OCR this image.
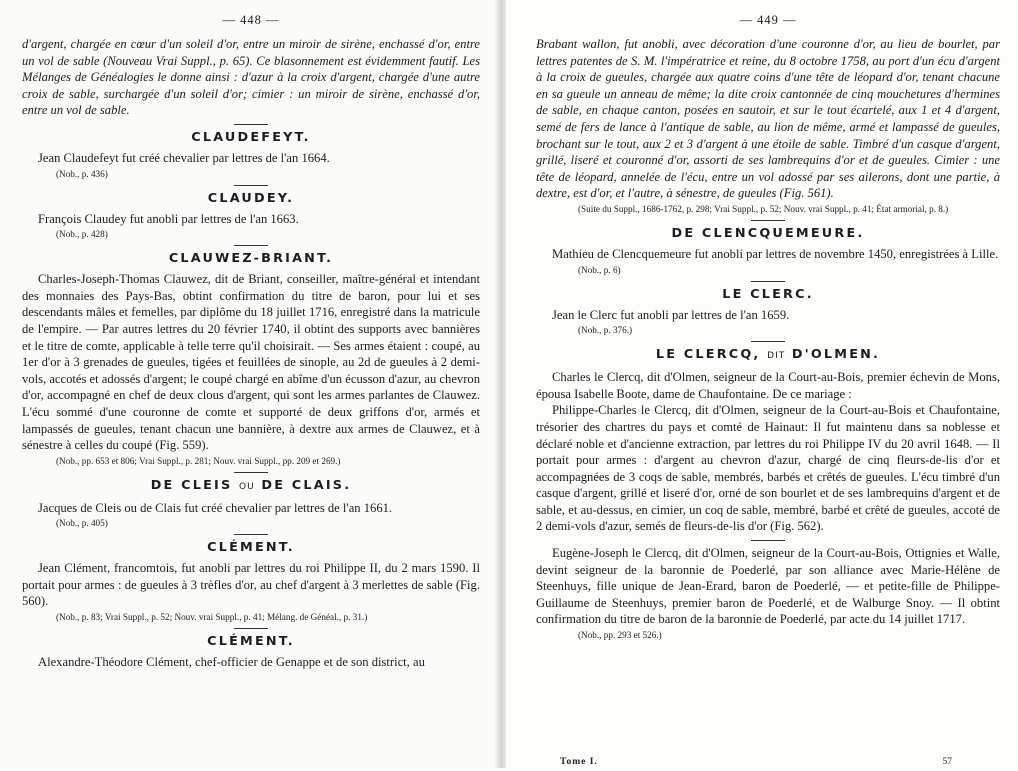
— 448 —

d'argent, chargée en cœur d'un soleil d'or, entre un miroir de sirène, enchassé d'or, entre un vol de sable (Nouveau Vrai Suppl., p. 65). Ce blasonnement est évidemment fautif. Les Mélanges de Généalogies le donne ainsi : d'azur à la croix d'argent, chargée d'une autre croix de sable, surchargée d'un soleil d'or; cimier : un miroir de sirène, enchassé d'or, entre un vol de sable.

CLAUDEFEYT.

Jean Claudefeyt fut créé chevalier par lettres de l'an 1664.

(Nob., p. 436)
CLAUDEY.

François Claudey fut anobli par lettres de l'an 1663.

(Nob., p. 428)
CLAUWEZ-BRIANT.

Charles-Joseph-Thomas Clauwez, dit de Briant, conseiller, maître-général et intendant des monnaies des Pays-Bas, obtint confirmation du titre de baron, pour lui et ses descendants mâles et femelles, par diplôme du 18 juillet 1716, enregistré dans la matricule de l'empire. — Par autres lettres du 20 février 1740, il obtint des supports avec bannières et le titre de comte, applicable à telle terre qu'il choisirait. — Ses armes étaient : coupé, au 1er d'or à 3 grenades de gueules, tigées et feuillées de sinople, au 2d de gueules à 2 demi-vols, accotés et adossés d'argent; le coupé chargé en abîme d'un écusson d'azur, au chevron d'or, accompagné en chef de deux clous d'argent, qui sont les armes parlantes de Clauwez. L'écu sommé d'une couronne de comte et supporté de deux griffons d'or, armés et lampassés de gueules, tenant chacun une bannière, à dextre aux armes de Clauwez, et à sénestre à celles du coupé (Fig. 559).

(Nob., pp. 653 et 806; Vrai Suppl., p. 281; Nouv. vrai Suppl., pp. 209 et 269.)
DE CLEIS OU DE CLAIS.

Jacques de Cleis ou de Clais fut créé chevalier par lettres de l'an 1661.

(Nob., p. 405)
CLÉMENT.

Jean Clément, francomtois, fut anobli par lettres du roi Philippe II, du 2 mars 1590. Il portait pour armes : de gueules à 3 trèfles d'or, au chef d'argent à 3 merlettes de sable (Fig. 560).

(Nob., p. 83; Vrai Suppl., p. 52; Nouv. vrai Suppl., p. 41; Mélang. de Généal., p. 31.)
CLÉMENT.

Alexandre-Théodore Clément, chef-officier de Genappe et de son district, au

— 449 —

Brabant wallon, fut anobli, avec décoration d'une couronne d'or, au lieu de bourlet, par lettres patentes de S. M. l'impératrice et reine, du 8 octobre 1758, au port d'un écu d'argent à la croix de gueules, chargée aux quatre coins d'une tête de léopard d'or, tenant chacune en sa gueule un anneau de même; la dite croix cantonnée de cinq mouchetures d'hermines de sable, en chaque canton, posées en sautoir, et sur le tout écartelé, aux 1 et 4 d'argent, semé de fers de lance à l'antique de sable, au lion de même, armé et lampassé de gueules, brochant sur le tout, aux 2 et 3 d'argent à une étoile de sable. Timbré d'un casque d'argent, grillé, liseré et couronné d'or, assorti de ses lambrequins d'or et de gueules. Cimier : une tête de léopard, annelée de l'écu, entre un vol adossé par ses ailerons, dont une partie, à dextre, est d'or, et l'autre, à sénestre, de gueules (Fig. 561).

(Suite du Suppl., 1686-1762, p. 298; Vrai Suppl., p. 52; Nouv. vrai Suppl., p. 41; État armorial, p. 8.)
DE CLENCQUEMEURE.

Mathieu de Clencquemeure fut anobli par lettres de novembre 1450, enregistrées à Lille.

(Nob., p. 6)
LE CLERC.

Jean le Clerc fut anobli par lettres de l'an 1659.

(Nob., p. 376.)
LE CLERCQ, DIT D'OLMEN.

Charles le Clercq, dit d'Olmen, seigneur de la Court-au-Bois, premier échevin de Mons, épousa Isabelle Boote, dame de Chaufontaine. De ce mariage :

Philippe-Charles le Clercq, dit d'Olmen, seigneur de la Court-au-Bois et Chaufontaine, trésorier des chartres du pays et comté de Hainaut: Il fut maintenu dans sa noblesse et déclaré noble et d'ancienne extraction, par lettres du roi Philippe IV du 20 avril 1648. — Il portait pour armes : d'argent au chevron d'azur, chargé de cinq fleurs-de-lis d'or et accompagnées de 3 coqs de sable, membrés, barbés et crêtés de gueules. L'écu timbré d'un casque d'argent, grillé et liseré d'or, orné de son bourlet et de ses lambrequins d'argent et de sable, et au-dessus, en cimier, un coq de sable, membré, barbé et crêté de gueules, accoté de 2 demi-vols d'azur, semés de fleurs-de-lis d'or (Fig. 562).

Eugène-Joseph le Clercq, dit d'Olmen, seigneur de la Court-au-Bois, Ottignies et Walle, devint seigneur de la baronnie de Poederlé, par son alliance avec Marie-Hélène de Steenhuys, fille unique de Jean-Erard, baron de Poederlé, — et petite-fille de Philippe-Guillaume de Steenhuys, premier baron de Poederlé, et de Walburge Snoy. — Il obtint confirmation du titre de baron de la baronnie de Poederlé, par acte du 14 juillet 1717.

(Nob., pp. 293 et 526.)
Tome I.	57
